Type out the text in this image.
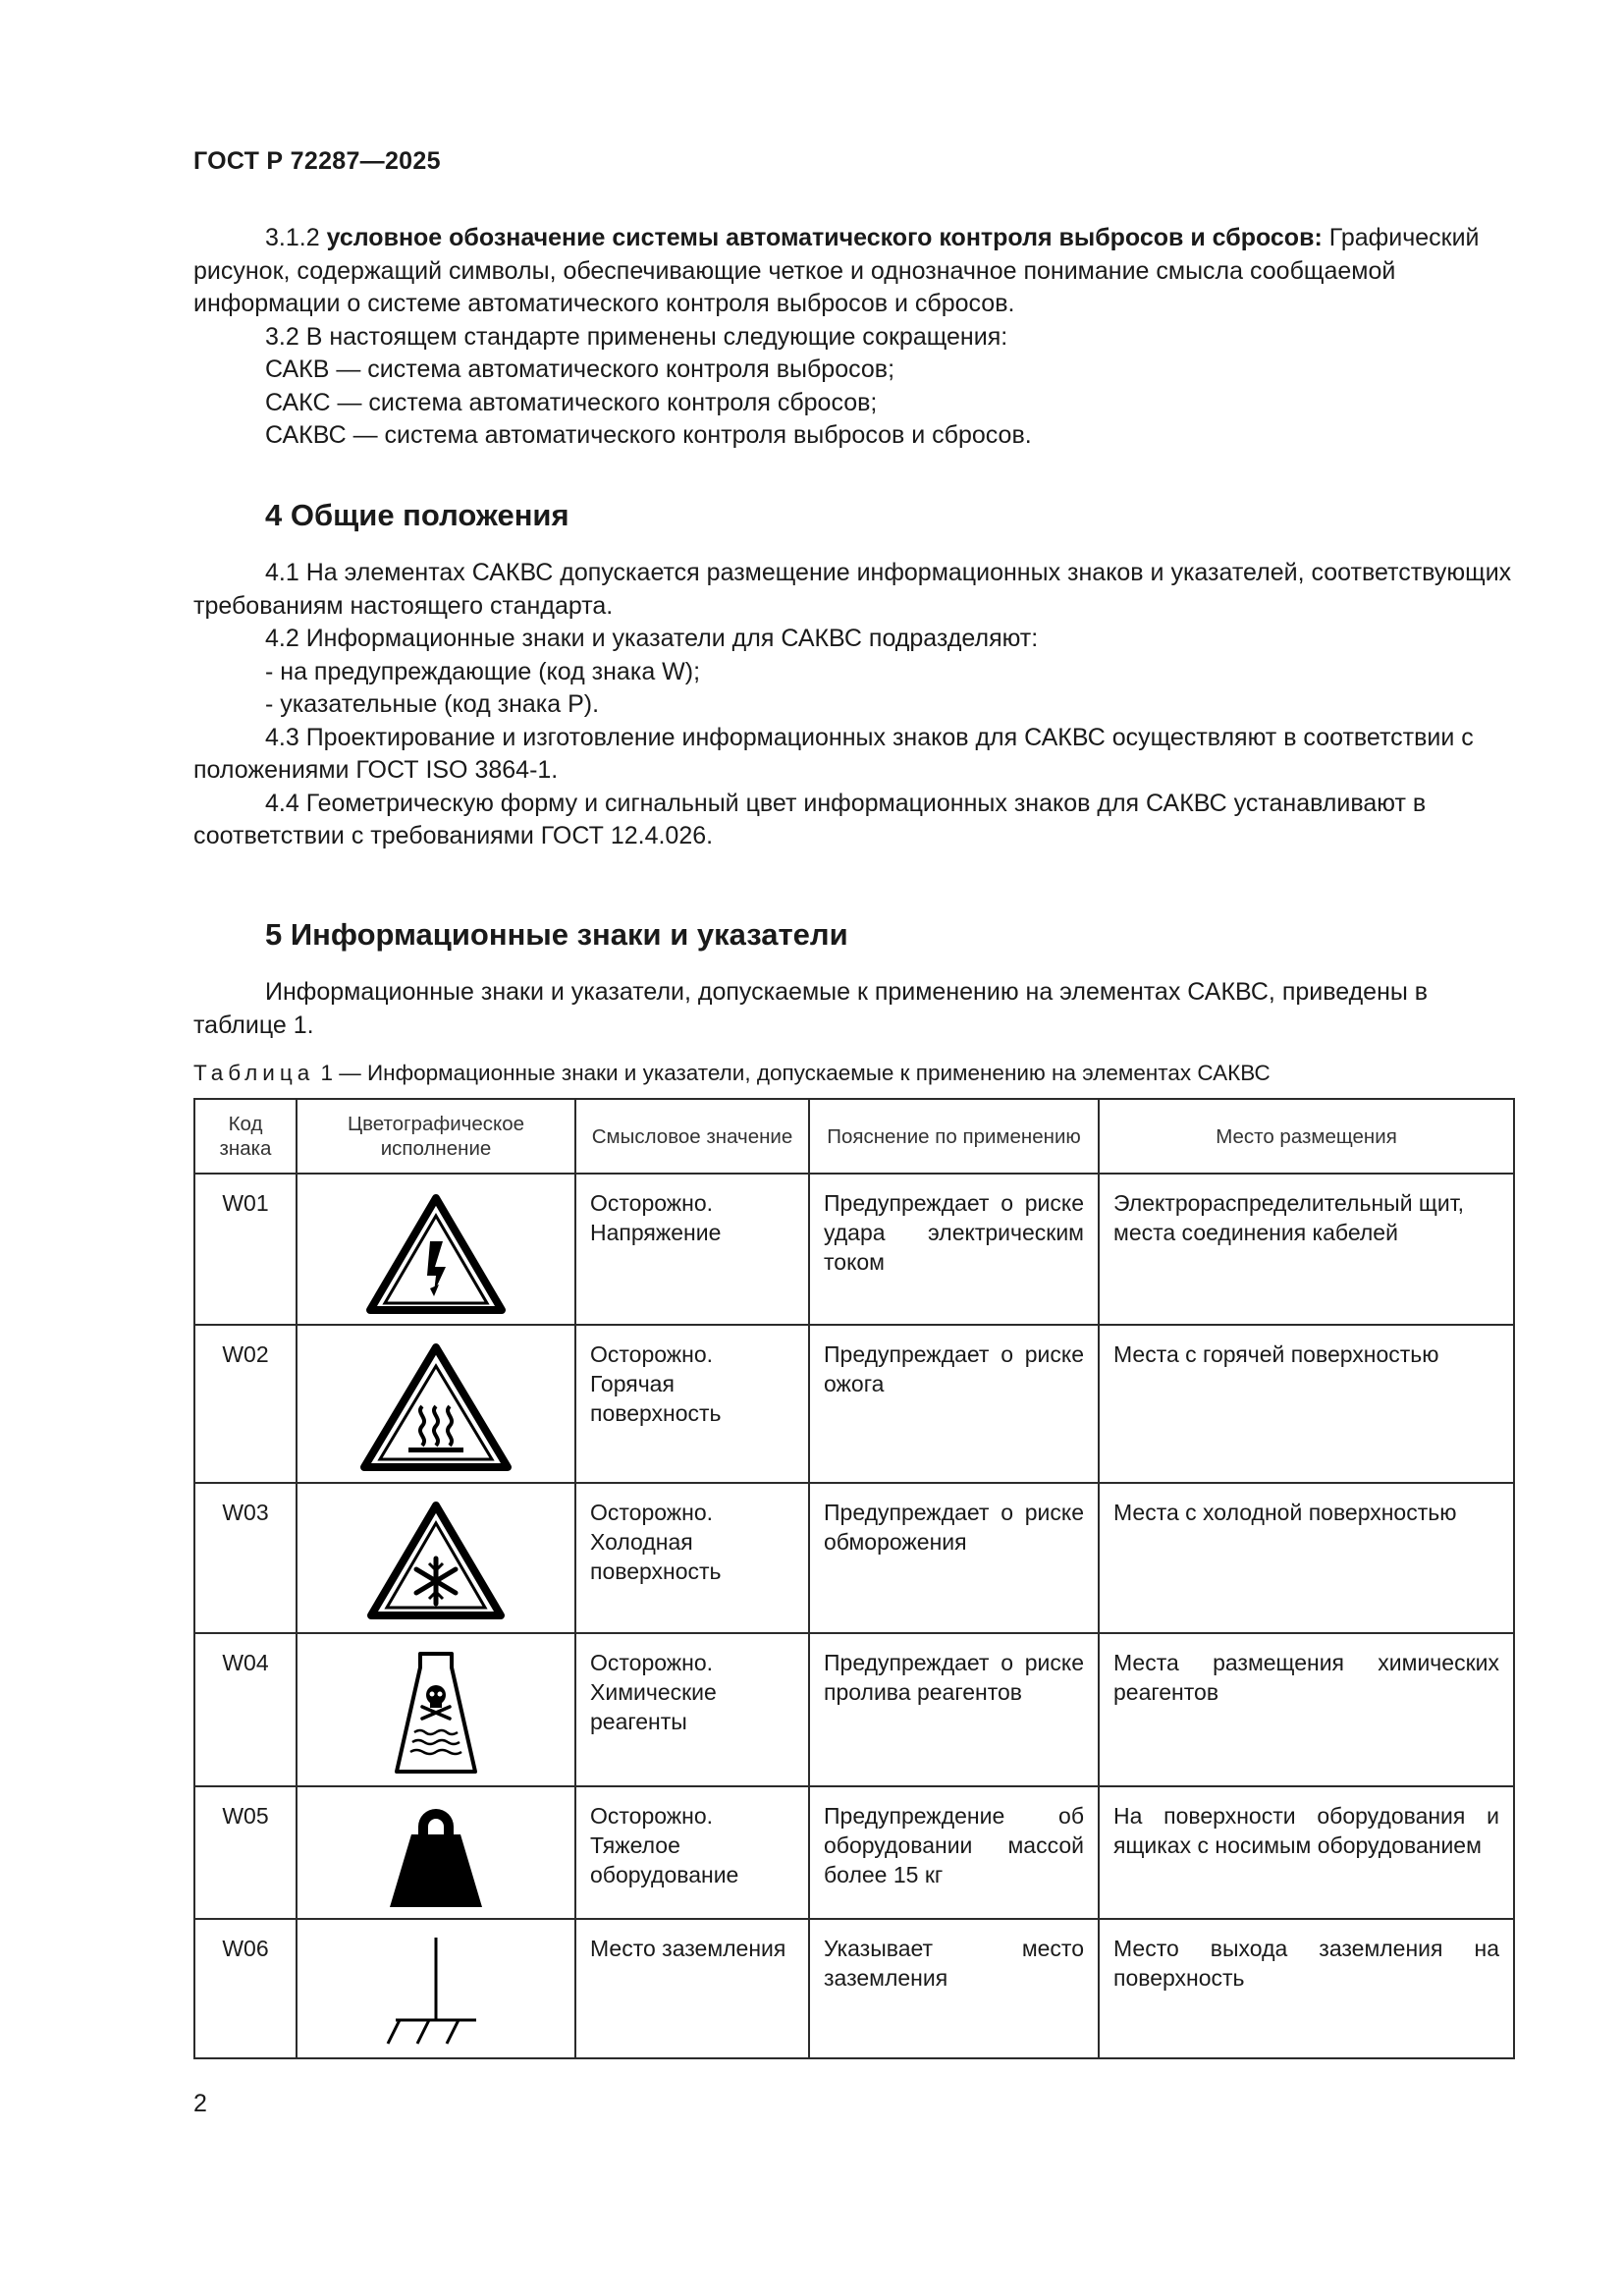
ГОСТ Р 72287—2025

3.1.2 условное обозначение системы автоматического контроля выбросов и сбросов: Графический рисунок, содержащий символы, обеспечивающие четкое и однозначное понимание смысла сообщаемой информации о системе автоматического контроля выбросов и сбросов.

3.2 В настоящем стандарте применены следующие сокращения:

САКВ — система автоматического контроля выбросов;

САКС — система автоматического контроля сбросов;

САКВС — система автоматического контроля выбросов и сбросов.

4 Общие положения

4.1 На элементах САКВС допускается размещение информационных знаков и указателей, соответствующих требованиям настоящего стандарта.

4.2 Информационные знаки и указатели для САКВС подразделяют:

- на предупреждающие (код знака W);

- указательные (код знака Р).

4.3 Проектирование и изготовление информационных знаков для САКВС осуществляют в соответствии с положениями ГОСТ ISO 3864-1.

4.4 Геометрическую форму и сигнальный цвет информационных знаков для САКВС устанавливают в соответствии с требованиями ГОСТ 12.4.026.

5 Информационные знаки и указатели

Информационные знаки и указатели, допускаемые к применению на элементах САКВС, приведены в таблице 1.

Таблица 1 — Информационные знаки и указатели, допускаемые к применению на элементах САКВС
Код знака	Цветографическое исполнение	Смысловое значение	Пояснение по применению	Место размещения
W01		Осторожно. Напряжение	Предупреждает о риске удара электрическим током	Электрораспределительный щит, места соединения кабелей
W02		Осторожно. Горячая поверхность	Предупреждает о риске ожога	Места с горячей поверхностью
W03		Осторожно. Холодная поверхность	Предупреждает о риске обморожения	Места с холодной поверхностью
W04		Осторожно. Химические реагенты	Предупреждает о риске пролива реагентов	Места размещения химических реагентов
W05		Осторожно. Тяжелое оборудование	Предупреждение об оборудовании массой более 15 кг	На поверхности оборудования и ящиках с носимым оборудованием
W06		Место заземления	Указывает место заземления	Место выхода заземления на поверхность
2
